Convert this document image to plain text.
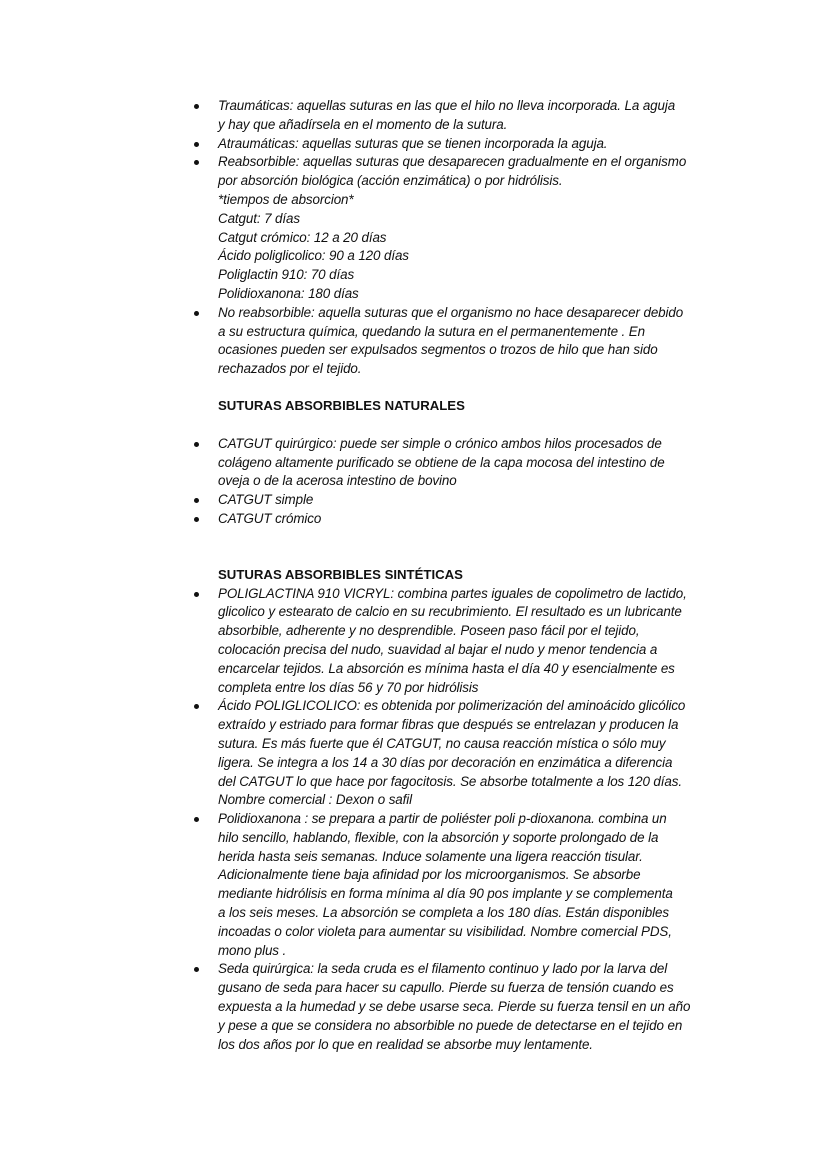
Traumáticas: aquellas suturas en las que el hilo no lleva incorporada. La aguja
y hay que añadírsela en el momento de la sutura.
Atraumáticas: aquellas suturas que se tienen incorporada la aguja.
Reabsorbible: aquellas suturas que desaparecen gradualmente en el organismo
por absorción biológica (acción enzimática) o por hidrólisis.
*tiempos de absorcion*
Catgut: 7 días
Catgut crómico: 12 a 20 días
Ácido poliglicolico: 90 a 120 días
Poliglactin 910: 70 días
Polidioxanona: 180 días
No reabsorbible: aquella suturas que el organismo no hace desaparecer debido
a su estructura química, quedando la sutura en el permanentemente . En
ocasiones pueden ser expulsados segmentos o trozos de hilo que han sido
rechazados por el tejido.

SUTURAS ABSORBIBLES NATURALES

CATGUT quirúrgico: puede ser simple o crónico ambos hilos procesados de
colágeno altamente purificado se obtiene de la capa mocosa del intestino de
oveja o de la acerosa intestino de bovino
CATGUT simple
CATGUT crómico

SUTURAS ABSORBIBLES SINTÉTICAS

POLIGLACTINA 910 VICRYL: combina partes iguales de copolimetro de lactido,
glicolico y estearato de calcio en su recubrimiento. El resultado es un lubricante
absorbible, adherente y no desprendible. Poseen paso fácil por el tejido,
colocación precisa del nudo, suavidad al bajar el nudo y menor tendencia a
encarcelar tejidos. La absorción es mínima hasta el día 40 y esencialmente es
completa entre los días 56 y 70 por hidrólisis
Ácido POLIGLICOLICO: es obtenida por polimerización del aminoácido glicólico
extraído y estriado para formar fibras que después se entrelazan y producen la
sutura. Es más fuerte que él CATGUT, no causa reacción mística o sólo muy
ligera. Se integra a los 14 a 30 días por decoración en enzimática a diferencia
del CATGUT lo que hace por fagocitosis. Se absorbe totalmente a los 120 días.
Nombre comercial : Dexon o safil
Polidioxanona : se prepara a partir de poliéster poli p-dioxanona. combina un
hilo sencillo, hablando, flexible, con la absorción y soporte prolongado de la
herida hasta seis semanas. Induce solamente una ligera reacción tisular.
Adicionalmente tiene baja afinidad por los microorganismos. Se absorbe
mediante hidrólisis en forma mínima al día 90 pos implante y se complementa
a los seis meses. La absorción se completa a los 180 días. Están disponibles
incoadas o color violeta para aumentar su visibilidad. Nombre comercial PDS,
mono plus .
Seda quirúrgica: la seda cruda es el filamento continuo y lado por la larva del
gusano de seda para hacer su capullo. Pierde su fuerza de tensión cuando es
expuesta a la humedad y se debe usarse seca. Pierde su fuerza tensil en un año
y pese a que se considera no absorbible no puede de detectarse en el tejido en
los dos años por lo que en realidad se absorbe muy lentamente.
